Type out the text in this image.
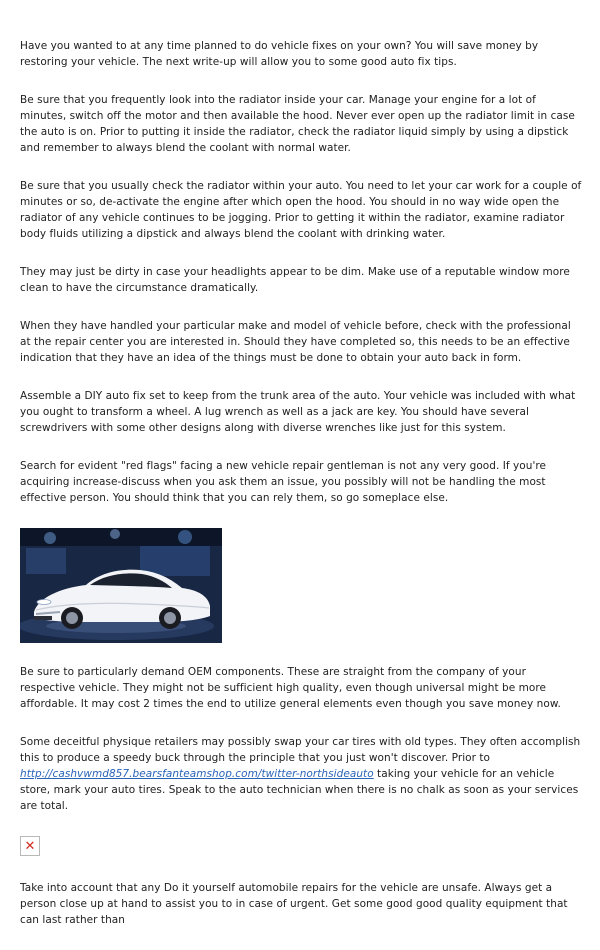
Have you wanted to at any time planned to do vehicle fixes on your own? You will save money by restoring your vehicle. The next write-up will allow you to some good auto fix tips.

Be sure that you frequently look into the radiator inside your car. Manage your engine for a lot of minutes, switch off the motor and then available the hood. Never ever open up the radiator limit in case the auto is on. Prior to putting it inside the radiator, check the radiator liquid simply by using a dipstick and remember to always blend the coolant with normal water.

Be sure that you usually check the radiator within your auto. You need to let your car work for a couple of minutes or so, de-activate the engine after which open the hood. You should in no way wide open the radiator of any vehicle continues to be jogging. Prior to getting it within the radiator, examine radiator body fluids utilizing a dipstick and always blend the coolant with drinking water.

They may just be dirty in case your headlights appear to be dim. Make use of a reputable window more clean to have the circumstance dramatically.

When they have handled your particular make and model of vehicle before, check with the professional at the repair center you are interested in. Should they have completed so, this needs to be an effective indication that they have an idea of the things must be done to obtain your auto back in form.

Assemble a DIY auto fix set to keep from the trunk area of the auto. Your vehicle was included with what you ought to transform a wheel. A lug wrench as well as a jack are key. You should have several screwdrivers with some other designs along with diverse wrenches like just for this system.

Search for evident "red flags" facing a new vehicle repair gentleman is not any very good. If you're acquiring increase-discuss when you ask them an issue, you possibly will not be handling the most effective person. You should think that you can rely them, so go someplace else.

Be sure to particularly demand OEM components. These are straight from the company of your respective vehicle. They might not be sufficient high quality, even though universal might be more affordable. It may cost 2 times the end to utilize general elements even though you save money now.

Some deceitful physique retailers may possibly swap your car tires with old types. They often accomplish this to produce a speedy buck through the principle that you just won't discover. Prior to http://cashvwmd857.bearsfanteamshop.com/twitter-northsideauto taking your vehicle for an vehicle store, mark your auto tires. Speak to the auto technician when there is no chalk as soon as your services are total.

✕

Take into account that any Do it yourself automobile repairs for the vehicle are unsafe. Always get a person close up at hand to assist you to in case of urgent. Get some good good quality equipment that can last rather than
